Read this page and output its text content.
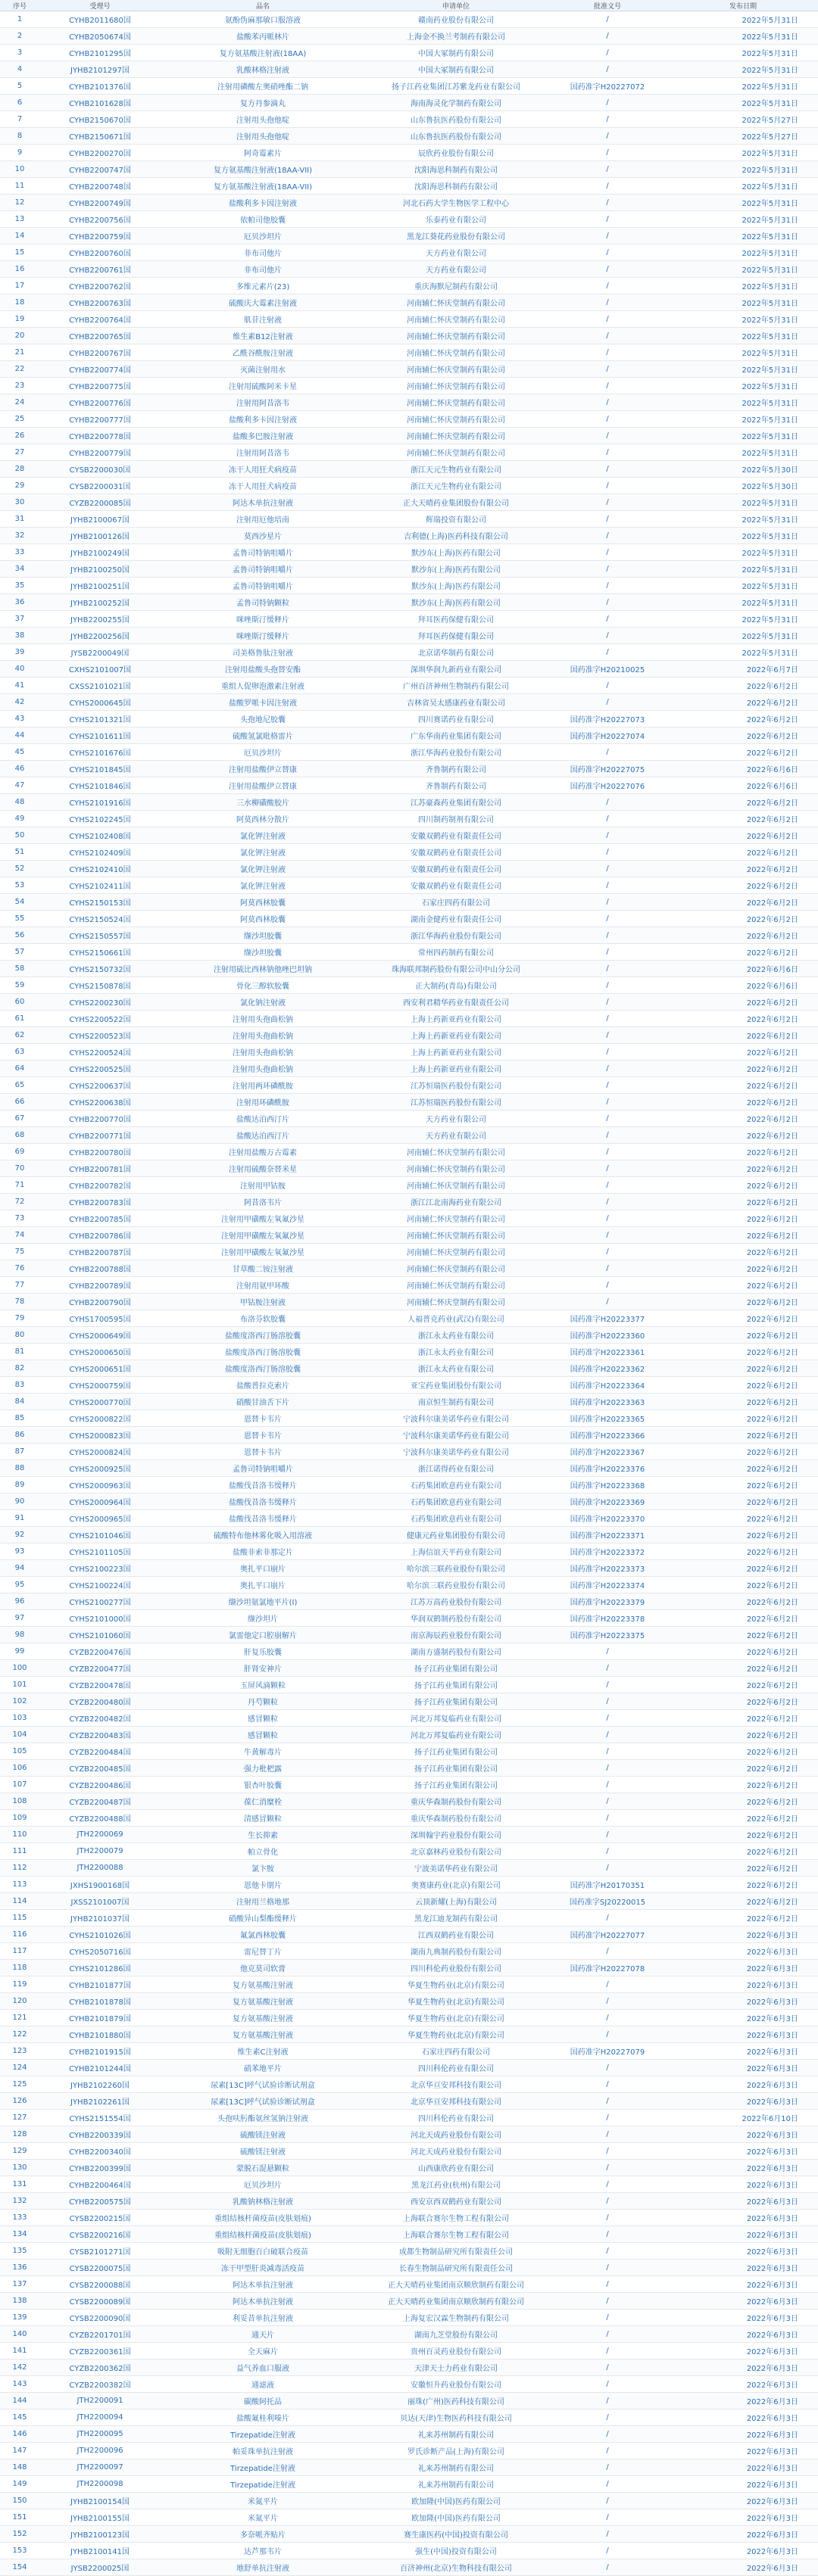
序号	受理号	品名	申请单位	批准文号	发布日期
1	CYHB2011680国	氨酚伪麻那敏口服溶液	赣南药业股份有限公司	/	2022年5月31日
2	CYHB2050674国	盐酸苯丙哌林片	上海金不换兰考制药有限公司	/	2022年5月31日
3	CYHB2101295国	复方氨基酸注射液(18AA)	中国大冢制药有限公司	/	2022年5月31日
4	JYHB2101297国	乳酸林格注射液	中国大冢制药有限公司	/	2022年5月31日
5	CYHB2101376国	注射用磷酸左奥硝唑酯二钠	扬子江药业集团江苏紫龙药业有限公司	国药准字H20227072	2022年5月31日
6	CYHB2101628国	复方丹参滴丸	海南海灵化学制药有限公司	/	2022年5月31日
7	CYHB2150670国	注射用头孢他啶	山东鲁抗医药股份有限公司	/	2022年5月27日
8	CYHB2150671国	注射用头孢他啶	山东鲁抗医药股份有限公司	/	2022年5月27日
9	CYHB2200270国	阿奇霉素片	辰欣药业股份有限公司	/	2022年5月31日
10	CYHB2200747国	复方氨基酸注射液(18AA-VII)	沈阳海思科制药有限公司	/	2022年5月31日
11	CYHB2200748国	复方氨基酸注射液(18AA-VII)	沈阳海思科制药有限公司	/	2022年5月31日
12	CYHB2200749国	盐酸利多卡因注射液	河北石药大学生物医学工程中心	/	2022年5月31日
13	CYHB2200756国	依帕司他胶囊	乐泰药业有限公司	/	2022年5月31日
14	CYHB2200759国	厄贝沙坦片	黑龙江葵花药业股份有限公司	/	2022年5月31日
15	CYHB2200760国	非布司他片	天方药业有限公司	/	2022年5月31日
16	CYHB2200761国	非布司他片	天方药业有限公司	/	2022年5月31日
17	CYHB2200762国	多维元素片(23)	重庆海默尼制药有限公司	/	2022年5月31日
18	CYHB2200763国	硫酸庆大霉素注射液	河南辅仁怀庆堂制药有限公司	/	2022年5月31日
19	CYHB2200764国	肌苷注射液	河南辅仁怀庆堂制药有限公司	/	2022年5月31日
20	CYHB2200765国	维生素B12注射液	河南辅仁怀庆堂制药有限公司	/	2022年5月31日
21	CYHB2200767国	乙酰谷酰胺注射液	河南辅仁怀庆堂制药有限公司	/	2022年5月31日
22	CYHB2200774国	灭菌注射用水	河南辅仁怀庆堂制药有限公司	/	2022年5月31日
23	CYHB2200775国	注射用硫酸阿米卡星	河南辅仁怀庆堂制药有限公司	/	2022年5月31日
24	CYHB2200776国	注射用阿昔洛韦	河南辅仁怀庆堂制药有限公司	/	2022年5月31日
25	CYHB2200777国	盐酸利多卡因注射液	河南辅仁怀庆堂制药有限公司	/	2022年5月31日
26	CYHB2200778国	盐酸多巴胺注射液	河南辅仁怀庆堂制药有限公司	/	2022年5月31日
27	CYHB2200779国	注射用阿昔洛韦	河南辅仁怀庆堂制药有限公司	/	2022年5月31日
28	CYSB2200030国	冻干人用狂犬病疫苗	浙江天元生物药业有限公司	/	2022年5月30日
29	CYSB2200031国	冻干人用狂犬病疫苗	浙江天元生物药业有限公司	/	2022年5月30日
30	CYZB2200085国	阿达木单抗注射液	正大天晴药业集团股份有限公司	/	2022年5月31日
31	JYHB2100067国	注射用厄他培南	辉瑞投资有限公司	/	2022年5月31日
32	JYHB2100126国	莫西沙星片	吉利德(上海)医药科技有限公司	/	2022年5月31日
33	JYHB2100249国	孟鲁司特钠咀嚼片	默沙东(上海)医药有限公司	/	2022年5月31日
34	JYHB2100250国	孟鲁司特钠咀嚼片	默沙东(上海)医药有限公司	/	2022年5月31日
35	JYHB2100251国	孟鲁司特钠咀嚼片	默沙东(上海)医药有限公司	/	2022年5月31日
36	JYHB2100252国	孟鲁司特钠颗粒	默沙东(上海)医药有限公司	/	2022年5月31日
37	JYHB2200255国	咪唑斯汀缓释片	拜耳医药保健有限公司	/	2022年5月31日
38	JYHB2200256国	咪唑斯汀缓释片	拜耳医药保健有限公司	/	2022年5月31日
39	JYSB2200049国	司美格鲁肽注射液	北京诺华制药有限公司	/	2022年5月31日
40	CXHS2101007国	注射用盐酸头孢替安酯	深圳华润九新药业有限公司	国药准字H20210025	2022年6月7日
41	CXSS2101021国	重组人促卵泡激素注射液	广州百济神州生物制药有限公司	/	2022年6月2日
42	CYHS2000645国	盐酸罗哌卡因注射液	吉林省吴太感康药业有限公司	/	2022年6月2日
43	CYHS2101321国	头孢地尼胶囊	四川赛诺药业有限公司	国药准字H20227073	2022年6月2日
44	CYHS2101611国	硫酸氢氯吡格雷片	广东华南药业集团有限公司	国药准字H20227074	2022年6月2日
45	CYHS2101676国	厄贝沙坦片	浙江华海药业股份有限公司	/	2022年6月2日
46	CYHS2101845国	注射用盐酸伊立替康	齐鲁制药有限公司	国药准字H20227075	2022年6月6日
47	CYHS2101846国	注射用盐酸伊立替康	齐鲁制药有限公司	国药准字H20227076	2022年6月6日
48	CYHS2101916国	三水柳磺酸胶片	江苏豪森药业集团有限公司	/	2022年6月2日
49	CYHS2102245国	阿莫西林分散片	四川制药制剂有限公司	/	2022年6月2日
50	CYHS2102408国	氯化钾注射液	安徽双鹤药业有限责任公司	/	2022年6月2日
51	CYHS2102409国	氯化钾注射液	安徽双鹤药业有限责任公司	/	2022年6月2日
52	CYHS2102410国	氯化钾注射液	安徽双鹤药业有限责任公司	/	2022年6月2日
53	CYHS2102411国	氯化钾注射液	安徽双鹤药业有限责任公司	/	2022年6月2日
54	CYHS2150153国	阿莫西林胶囊	石家庄四药有限公司	/	2022年6月2日
55	CYHS2150524国	阿莫西林胶囊	湖南金健药业有限责任公司	/	2022年6月2日
56	CYHS2150557国	缬沙坦胶囊	浙江华海药业股份有限公司	/	2022年6月2日
57	CYHS2150661国	缬沙坦胶囊	常州四药制药有限公司	/	2022年6月2日
58	CYHS2150732国	注射用硫比西林钠他唑巴坦钠	珠海联邦制药股份有限公司中山分公司	/	2022年6月6日
59	CYHS2150878国	骨化三醇软胶囊	正大制药(青岛)有限公司	/	2022年6月6日
60	CYHS2200230国	氯化钠注射液	西安利君精华药业有限责任公司	/	2022年6月2日
61	CYHS2200522国	注射用头孢曲松钠	上海上药新亚药业有限公司	/	2022年6月2日
62	CYHS2200523国	注射用头孢曲松钠	上海上药新亚药业有限公司	/	2022年6月2日
63	CYHS2200524国	注射用头孢曲松钠	上海上药新亚药业有限公司	/	2022年6月2日
64	CYHS2200525国	注射用头孢曲松钠	上海上药新亚药业有限公司	/	2022年6月2日
65	CYHS2200637国	注射用两环磷酰胺	江苏恒瑞医药股份有限公司	/	2022年6月2日
66	CYHS2200638国	注射用环磷酰胺	江苏恒瑞医药股份有限公司	/	2022年6月2日
67	CYHB2200770国	盐酸达泊西汀片	天方药业有限公司	/	2022年6月2日
68	CYHB2200771国	盐酸达泊西汀片	天方药业有限公司	/	2022年6月2日
69	CYHB2200780国	注射用盐酸万古霉素	河南辅仁怀庆堂制药有限公司	/	2022年6月2日
70	CYHB2200781国	注射用硫酸奈替米星	河南辅仁怀庆堂制药有限公司	/	2022年6月2日
71	CYHB2200782国	注射用甲钴胺	河南辅仁怀庆堂制药有限公司	/	2022年6月2日
72	CYHB2200783国	阿昔洛韦片	浙江江北南海药业有限公司	/	2022年6月2日
73	CYHB2200785国	注射用甲磺酸左氧氟沙星	河南辅仁怀庆堂制药有限公司	/	2022年6月2日
74	CYHB2200786国	注射用甲磺酸左氧氟沙星	河南辅仁怀庆堂制药有限公司	/	2022年6月2日
75	CYHB2200787国	注射用甲磺酸左氧氟沙星	河南辅仁怀庆堂制药有限公司	/	2022年6月2日
76	CYHB2200788国	甘草酸二铵注射液	河南辅仁怀庆堂制药有限公司	/	2022年6月2日
77	CYHB2200789国	注射用氨甲环酸	河南辅仁怀庆堂制药有限公司	/	2022年6月2日
78	CYHB2200790国	甲钴胺注射液	河南辅仁怀庆堂制药有限公司	/	2022年6月2日
79	CYHS1700595国	布洛芬软胶囊	人福普克药业(武汉)有限公司	国药准字H20223377	2022年6月2日
80	CYHS2000649国	盐酸度洛西汀肠溶胶囊	浙江永太药业有限公司	国药准字H20223360	2022年6月2日
81	CYHS2000650国	盐酸度洛西汀肠溶胶囊	浙江永太药业有限公司	国药准字H20223361	2022年6月2日
82	CYHS2000651国	盐酸度洛西汀肠溶胶囊	浙江永太药业有限公司	国药准字H20223362	2022年6月2日
83	CYHS2000759国	盐酸普拉克索片	亚宝药业集团股份有限公司	国药准字H20223364	2022年6月2日
84	CYHS2000770国	硝酸甘油舌下片	南京恒生制药有限公司	国药准字H20223363	2022年6月2日
85	CYHS2000822国	恩替卡韦片	宁波科尔康美诺华药业有限公司	国药准字H20223365	2022年6月2日
86	CYHS2000823国	恩替卡韦片	宁波科尔康美诺华药业有限公司	国药准字H20223366	2022年6月2日
87	CYHS2000824国	恩替卡韦片	宁波科尔康美诺华药业有限公司	国药准字H20223367	2022年6月2日
88	CYHS2000925国	孟鲁司特钠咀嚼片	浙江诺得药业有限公司	国药准字H20223376	2022年6月2日
89	CYHS2000963国	盐酸伐昔洛韦缓释片	石药集团欧意药业有限公司	国药准字H20223368	2022年6月2日
90	CYHS2000964国	盐酸伐昔洛韦缓释片	石药集团欧意药业有限公司	国药准字H20223369	2022年6月2日
91	CYHS2000965国	盐酸伐昔洛韦缓释片	石药集团欧意药业有限公司	国药准字H20223370	2022年6月2日
92	CYHS2101046国	硫酸特布他林雾化吸入用溶液	健康元药业集团股份有限公司	国药准字H20223371	2022年6月2日
93	CYHS2101105国	盐酸非索非那定片	上海信谊天平药业有限公司	国药准字H20223372	2022年6月2日
94	CYHS2100223国	奥扎平口崩片	哈尔滨三联药业股份有限公司	国药准字H20223373	2022年6月2日
95	CYHS2100224国	奥扎平口崩片	哈尔滨三联药业股份有限公司	国药准字H20223374	2022年6月2日
96	CYHS2100277国	缬沙坦氨氯地平片(I)	江苏万高药业股份有限公司	国药准字H20223379	2022年6月2日
97	CYHS2101000国	缬沙坦片	华润双鹤制药股份有限公司	国药准字H20223378	2022年6月2日
98	CYHS2101060国	氯雷他定口腔崩解片	南京海辰药业股份有限公司	国药准字H20223375	2022年6月2日
99	CYZB2200476国	肝复乐胶囊	湖南方盛制药股份有限公司	/	2022年6月2日
100	CYZB2200477国	肝肾安神片	扬子江药业集团有限公司	/	2022年6月2日
101	CYZB2200478国	玉屏风滴颗粒	扬子江药业集团有限公司	/	2022年6月2日
102	CYZB2200480国	丹芍颗粒	扬子江药业集团有限公司	/	2022年6月2日
103	CYZB2200482国	感冒颗粒	河北万邦复临药业有限公司	/	2022年6月2日
104	CYZB2200483国	感冒颗粒	河北万邦复临药业有限公司	/	2022年6月2日
105	CYZB2200484国	牛黄解毒片	扬子江药业集团有限公司	/	2022年6月2日
106	CYZB2200485国	强力枇杷露	扬子江药业集团有限公司	/	2022年6月2日
107	CYZB2200486国	银杏叶胶囊	扬子江药业集团有限公司	/	2022年6月2日
108	CYZB2200487国	葆仁消糜栓	重庆华森制药股份有限公司	/	2022年6月2日
109	CYZB2200488国	清感冒颗粒	重庆华森制药股份有限公司	/	2022年6月2日
110	JTH2200069	生长抑素	深圳翰宇药业股份有限公司	/	2022年6月2日
111	JTH2200079	帕立骨化	北京嘉林药业股份有限公司	/	2022年6月2日
112	JTH2200088	氯卞胺	宁波美诺华药业有限公司	/	2022年6月2日
113	JXHS1900168国	恩他卡朋片	奥赛康药业(北京)有限公司	国药准字H20170351	2022年6月2日
114	JXSS2101007国	注射用兰格地那	云顶新耀(上海)有限公司	国药准字SJ20220015	2022年6月2日
115	JYHB2101037国	硝酸异山梨酯缓释片	黑龙江迪龙制药有限公司	/	2022年6月2日
116	CYHS2101026国	氟氯西林胶囊	江西双鹤药业有限公司	国药准字H20227077	2022年6月3日
117	CYHS2050716国	雷尼替丁片	湖南九典制药股份有限公司	/	2022年6月3日
118	CYHS2101286国	他克莫司软膏	四川科伦药业股份有限公司	国药准字H20227078	2022年6月3日
119	CYHB2101877国	复方氨基酸注射液	华夏生物药业(北京)有限公司	/	2022年6月3日
120	CYHB2101878国	复方氨基酸注射液	华夏生物药业(北京)有限公司	/	2022年6月3日
121	CYHB2101879国	复方氨基酸注射液	华夏生物药业(北京)有限公司	/	2022年6月3日
122	CYHB2101880国	复方氨基酸注射液	华夏生物药业(北京)有限公司	/	2022年6月3日
123	CYHB2101915国	维生素C注射液	石家庄四药有限公司	国药准字H20227079	2022年6月3日
124	CYHB2101244国	硝苯地平片	四川科伦药业有限公司	/	2022年6月3日
125	JYHB2102260国	尿素[13C]呼气试验诊断试剂盒	北京华亘安邦科技有限公司	/	2022年6月3日
126	JYHB2102261国	尿素[13C]呼气试验诊断试剂盒	北京华亘安邦科技有限公司	/	2022年6月3日
127	CYHS2151554国	头孢呋肟酯氨丝氢钠注射液	四川科伦药业有限公司	/	2022年6月10日
128	CYHB2200339国	硫酸镁注射液	河北天成药业股份有限公司	/	2022年6月3日
129	CYHB2200340国	硫酸镁注射液	河北天成药业股份有限公司	/	2022年6月3日
130	CYHB2200399国	蒙脱石混悬颗粒	山西康欣药业有限公司	/	2022年6月3日
131	CYHB2200464国	厄贝沙坦片	黑龙江药业(杭州)有限公司	/	2022年6月3日
132	CYHB2200575国	乳酸钠林格注射液	西安京西双鹤药业有限公司	/	2022年6月3日
133	CYSB2200215国	重组结核杆菌疫苗(皮肤划痕)	上海联合赛尔生物工程有限公司	/	2022年6月3日
134	CYSB2200216国	重组结核杆菌疫苗(皮肤划痕)	上海联合赛尔生物工程有限公司	/	2022年6月3日
135	CYSB2101271国	吸附无细胞百白破联合疫苗	成都生物制品研究所有限责任公司	/	2022年6月3日
136	CYSB2200075国	冻干甲型肝炎减毒活疫苗	长春生物制品研究所有限责任公司	/	2022年6月3日
137	CYSB2200088国	阿达木单抗注射液	正大天晴药业集团南京顺欣制药有限公司	/	2022年6月3日
138	CYSB2200089国	阿达木单抗注射液	正大天晴药业集团南京顺欣制药有限公司	/	2022年6月3日
139	CYSB2200090国	利妥昔单抗注射液	上海复宏汉霖生物制药有限公司	/	2022年6月3日
140	CYZB2201701国	通天片	湖南九芝堂股份有限公司	/	2022年6月3日
141	CYZB2200361国	全天麻片	贵州百灵药业股份有限公司	/	2022年6月3日
142	CYZB2200362国	益气养血口服液	天津天士力药业有限公司	/	2022年6月3日
143	CYZB2200382国	通滤液	安徽恒升药业股份有限公司	/	2022年6月3日
144	JTH2200091	碳酸阿托品	丽珠(广州)医药科技有限公司	/	2022年6月3日
145	JTH2200094	盐酸氟桂利嗪片	贝达(天津)生物医药科技有限公司	/	2022年6月3日
146	JTH2200095	Tirzepatide注射液	礼来苏州制药有限公司	/	2022年6月3日
147	JTH2200096	帕妥珠单抗注射液	罗氏诊断产品(上海)有限公司	/	2022年6月3日
148	JTH2200097	Tirzepatide注射液	礼来苏州制药有限公司	/	2022年6月3日
149	JTH2200098	Tirzepatide注射液	礼来苏州制药有限公司	/	2022年6月3日
150	JYHB2100154国	米氮平片	欧加隆(中国)医药有限公司	/	2022年6月3日
151	JYHB2100155国	米氮平片	欧加隆(中国)医药有限公司	/	2022年6月3日
152	JYHB2100123国	多奈哌齐贴片	赛生康医药(中国)投资有限公司	/	2022年6月3日
153	JYHB2100141国	达芦那韦片	强生(中国)投资有限公司	/	2022年6月3日
154	JYSB2200025国	地舒单抗注射液	百济神州(北京)生物科技有限公司	/	2022年6月3日
